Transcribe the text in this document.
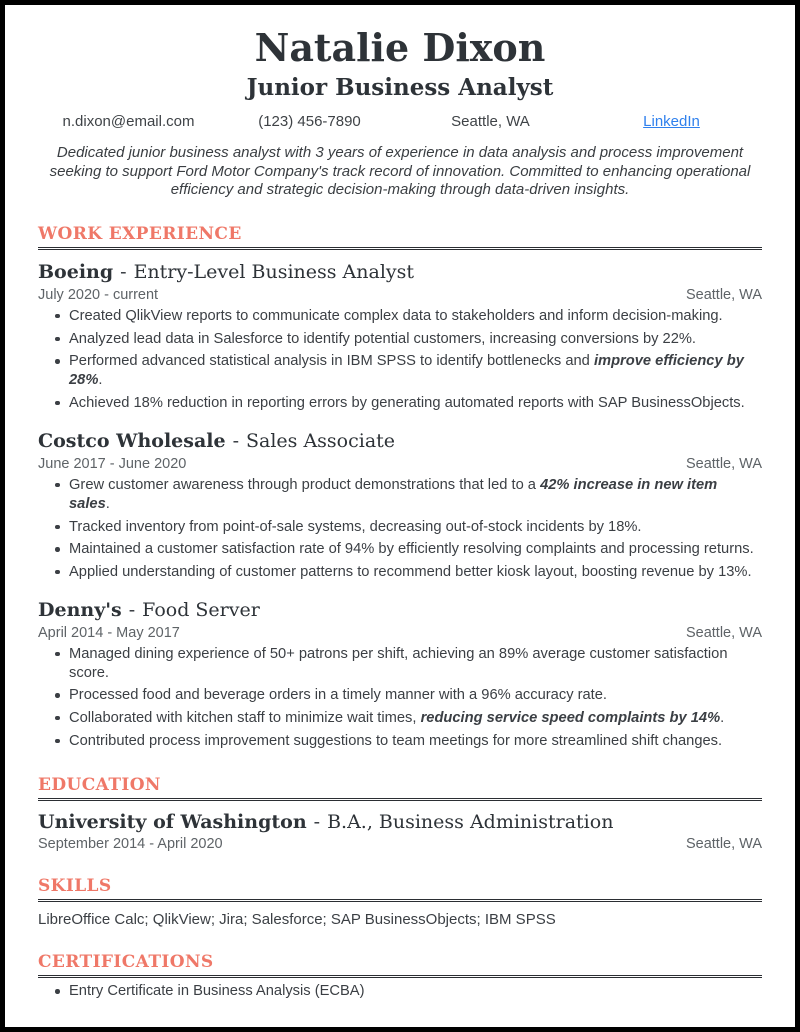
Natalie Dixon
Junior Business Analyst
n.dixon@email.com	(123) 456-7890	Seattle, WA	LinkedIn
Dedicated junior business analyst with 3 years of experience in data analysis and process improvement seeking to support Ford Motor Company's track record of innovation. Committed to enhancing operational efficiency and strategic decision-making through data-driven insights.
WORK EXPERIENCE
Boeing - Entry-Level Business Analyst
July 2020 - current	Seattle, WA
Created QlikView reports to communicate complex data to stakeholders and inform decision-making.
Analyzed lead data in Salesforce to identify potential customers, increasing conversions by 22%.
Performed advanced statistical analysis in IBM SPSS to identify bottlenecks and improve efficiency by 28%.
Achieved 18% reduction in reporting errors by generating automated reports with SAP BusinessObjects.
Costco Wholesale - Sales Associate
June 2017 - June 2020	Seattle, WA
Grew customer awareness through product demonstrations that led to a 42% increase in new item sales.
Tracked inventory from point-of-sale systems, decreasing out-of-stock incidents by 18%.
Maintained a customer satisfaction rate of 94% by efficiently resolving complaints and processing returns.
Applied understanding of customer patterns to recommend better kiosk layout, boosting revenue by 13%.
Denny's - Food Server
April 2014 - May 2017	Seattle, WA
Managed dining experience of 50+ patrons per shift, achieving an 89% average customer satisfaction score.
Processed food and beverage orders in a timely manner with a 96% accuracy rate.
Collaborated with kitchen staff to minimize wait times, reducing service speed complaints by 14%.
Contributed process improvement suggestions to team meetings for more streamlined shift changes.
EDUCATION
University of Washington - B.A., Business Administration
September 2014 - April 2020	Seattle, WA
SKILLS
LibreOffice Calc; QlikView; Jira; Salesforce; SAP BusinessObjects; IBM SPSS
CERTIFICATIONS
Entry Certificate in Business Analysis (ECBA)
